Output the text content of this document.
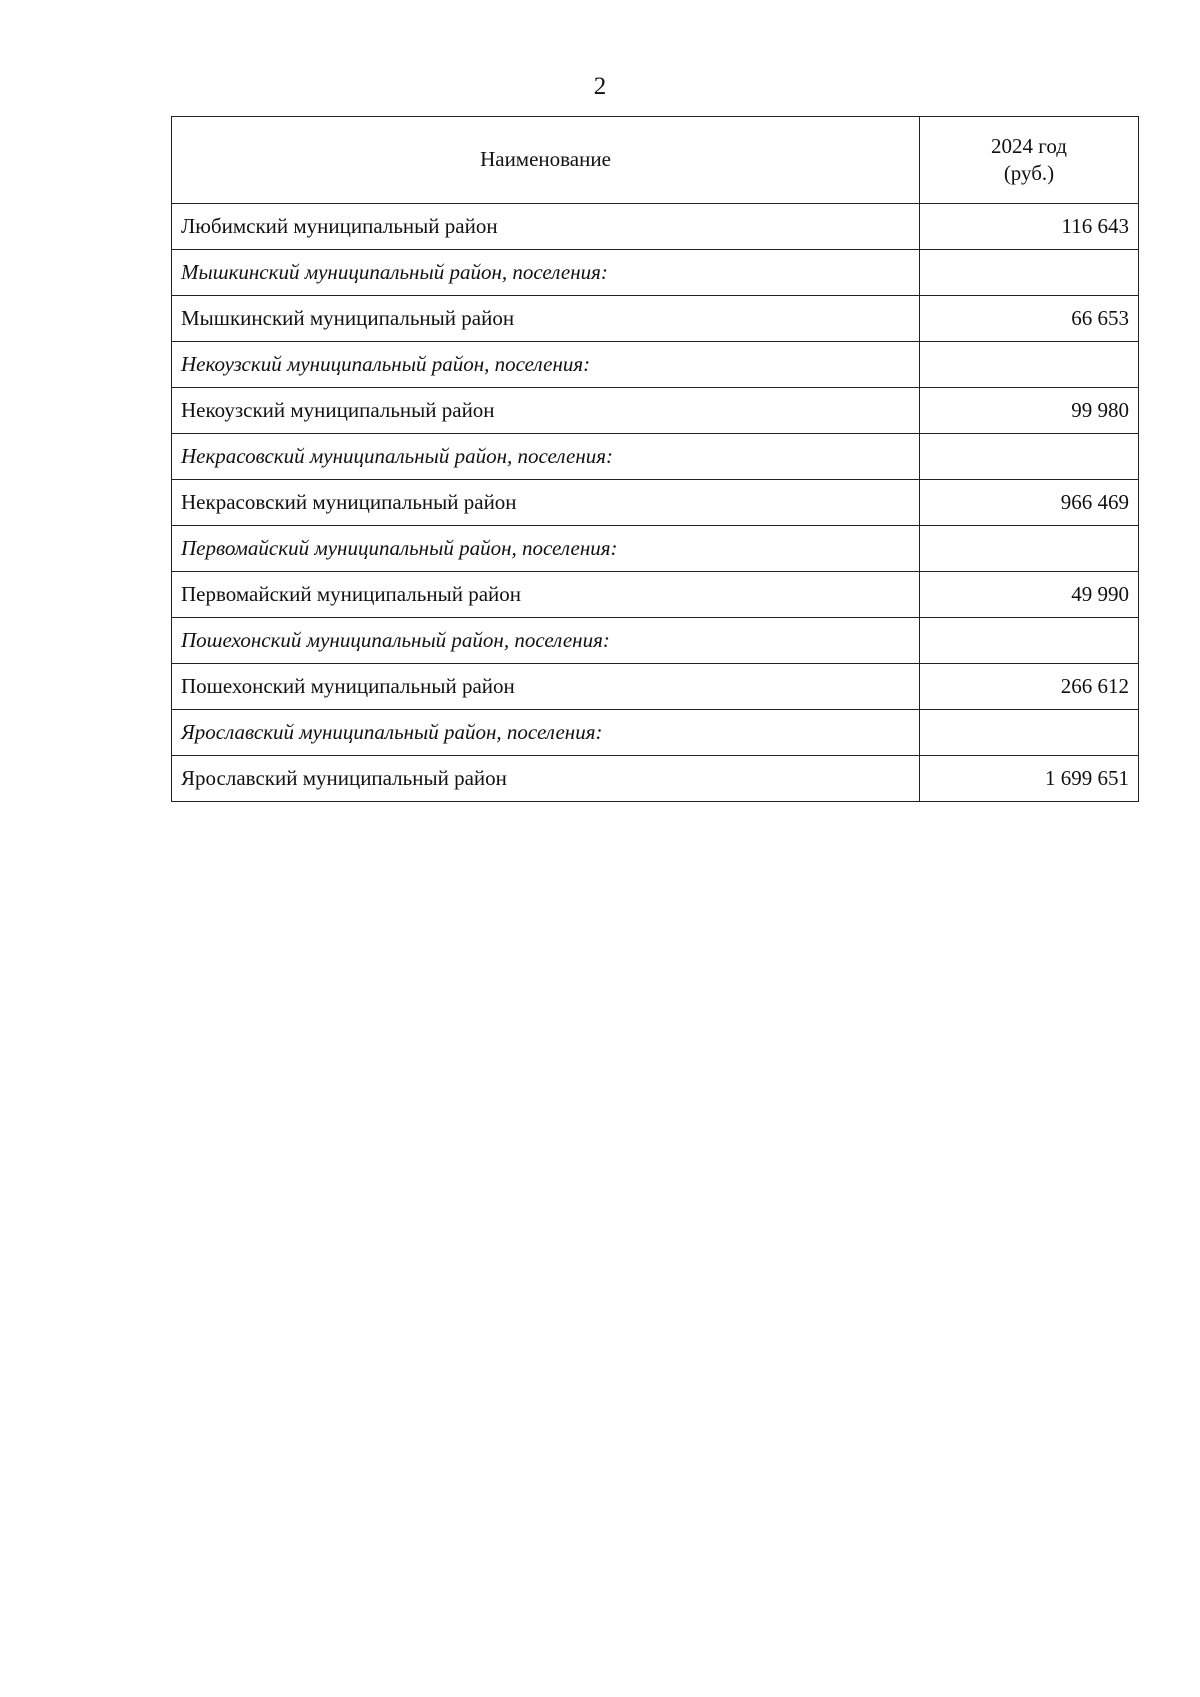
2
Наименование	2024 год
(руб.)

Любимский муниципальный район	116 643
Мышкинский муниципальный район, поселения:	
Мышкинский муниципальный район	66 653
Некоузский муниципальный район, поселения:	
Некоузский муниципальный район	99 980
Некрасовский муниципальный район, поселения:	
Некрасовский муниципальный район	966 469
Первомайский муниципальный район, поселения:	
Первомайский муниципальный район	49 990
Пошехонский муниципальный район, поселения:	
Пошехонский муниципальный район	266 612
Ярославский муниципальный район, поселения:	
Ярославский муниципальный район	1 699 651
